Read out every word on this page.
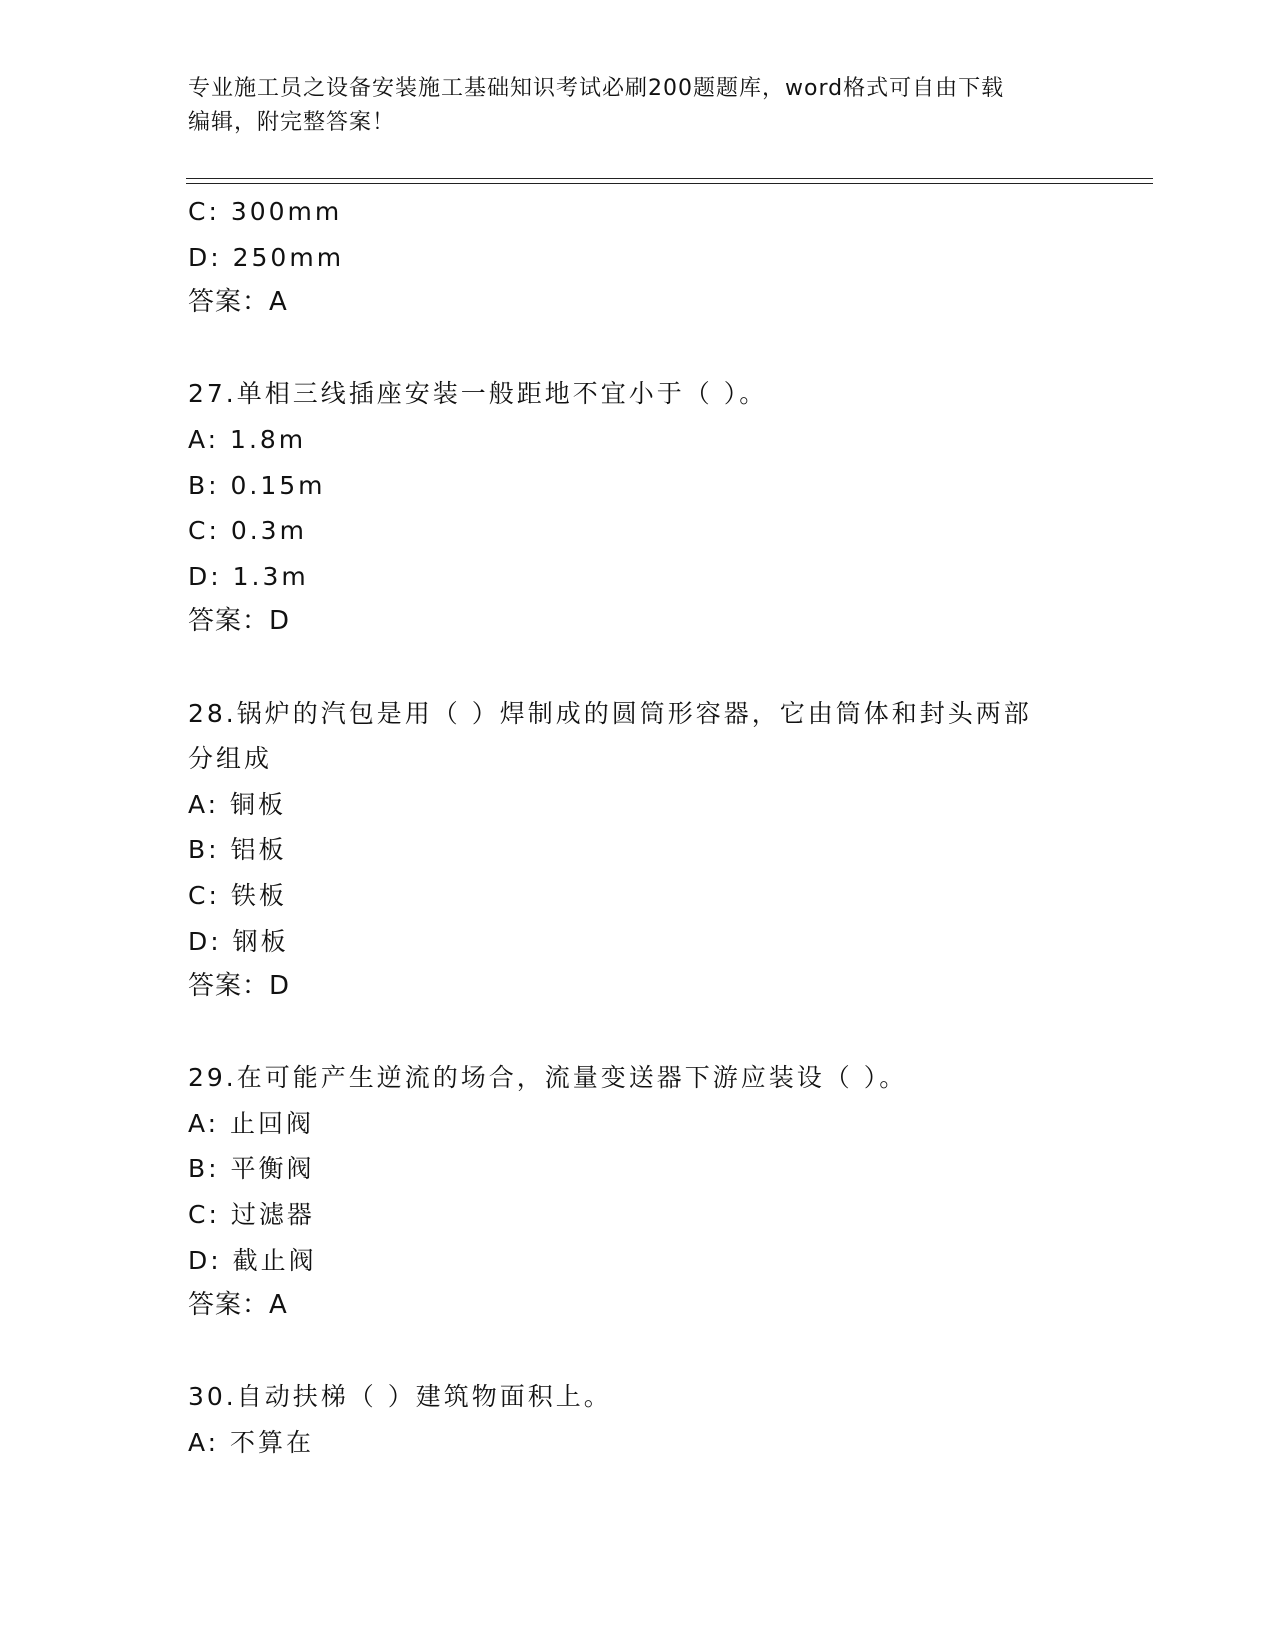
专业施工员之设备安装施工基础知识考试必刷200题题库，word格式可自由下载
编辑，附完整答案！
C: 300mm
D: 250mm
答案：A
27.单相三线插座安装一般距地不宜小于（ ）。
A: 1.8m
B: 0.15m
C: 0.3m
D: 1.3m
答案：D
28.锅炉的汽包是用（ ）焊制成的圆筒形容器，它由筒体和封头两部
分组成
A: 铜板
B: 铝板
C: 铁板
D: 钢板
答案：D
29.在可能产生逆流的场合，流量变送器下游应装设（ ）。
A: 止回阀
B: 平衡阀
C: 过滤器
D: 截止阀
答案：A
30.自动扶梯（ ）建筑物面积上。
A: 不算在
